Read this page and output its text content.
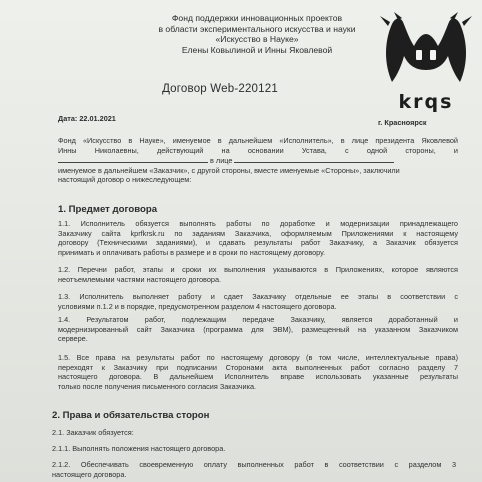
Фонд поддержки инновационных проектов
в области экспериментального искусства и науки
«Искусство в Науке»
Елены Ковылиной и Инны Яковлевой
krqs
Договор Web-220121
Дата: 22.01.2021	г. Красноярск
Фонд «Искусство в Науке», именуемое в дальнейшем «Исполнитель», в лице президента Яковлевой
Инны Николаевны, действующий на основании Устава, с одной стороны, и
в лице
именуемое в дальнейшем «Заказчик», с другой стороны, вместе именуемые «Стороны», заключили
настоящий договор о нижеследующем:
1. Предмет договора
1.1. Исполнитель обязуется выполнять работы по доработке и модернизации принадлежащего
Заказчику сайта kprfkrsk.ru по заданиям Заказчика, оформляемым Приложениями к настоящему
договору (Техническими заданиями), и сдавать результаты работ Заказчику, а Заказчик обязуется
принимать и оплачивать работы в размере и в сроки по настоящему договору.
1.2. Перечни работ, этапы и сроки их выполнения указываются в Приложениях, которое являются
неотъемлемыми частями настоящего договора.
1.3. Исполнитель выполняет работу и сдает Заказчику отдельные ее этапы в соответствии с
условиями п.1.2 и в порядке, предусмотренном разделом 4 настоящего договора.
1.4. Результатом работ, подлежащим передаче Заказчику, является доработанный и
модернизированный сайт Заказчика (программа для ЭВМ), размещенный на указанном Заказчиком
сервере.
1.5. Все права на результаты работ по настоящему договору (в том числе, интеллектуальные права)
переходят к Заказчику при подписании Сторонами акта выполненных работ согласно разделу 7
настоящего договора. В дальнейшем Исполнитель вправе использовать указанные результаты
только после получения письменного согласия Заказчика.
2. Права и обязательства сторон
2.1. Заказчик обязуется:
2.1.1. Выполнять положения настоящего договора.
2.1.2. Обеспечивать своевременную оплату выполненных работ в соответствии с разделом 3
настоящего договора.
